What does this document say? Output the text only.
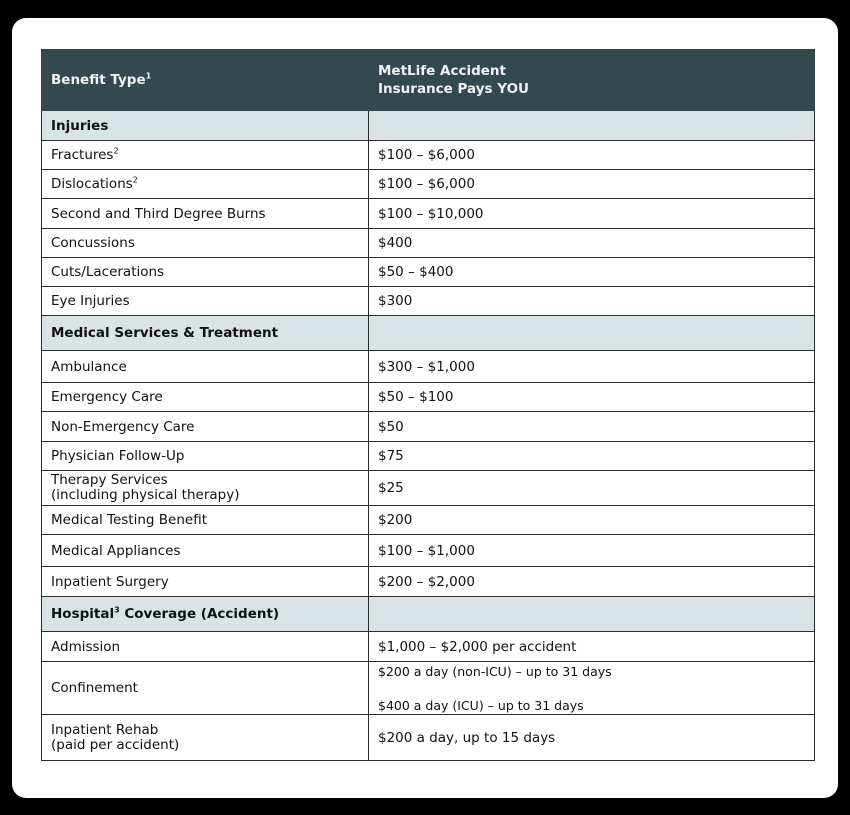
Benefit Type$^1$	MetLife Accident
Insurance Pays YOU
Injuries	
Fractures$^2$	$100 – $6,000
Dislocations$^2$	$100 – $6,000
Second and Third Degree Burns	$100 – $10,000
Concussions	$400
Cuts/Lacerations	$50 – $400
Eye Injuries	$300
Medical Services & Treatment	
Ambulance	$300 – $1,000
Emergency Care	$50 – $100
Non-Emergency Care	$50
Physician Follow-Up	$75
Therapy Services
(including physical therapy)	$25
Medical Testing Benefit	$200
Medical Appliances	$100 – $1,000
Inpatient Surgery	$200 – $2,000
Hospital$^3$ Coverage (Accident)	
Admission	$1,000 – $2,000 per accident
Confinement	$200 a day (non-ICU) – up to 31 days
$400 a day (ICU) – up to 31 days

Inpatient Rehab
(paid per accident)	$200 a day, up to 15 days
